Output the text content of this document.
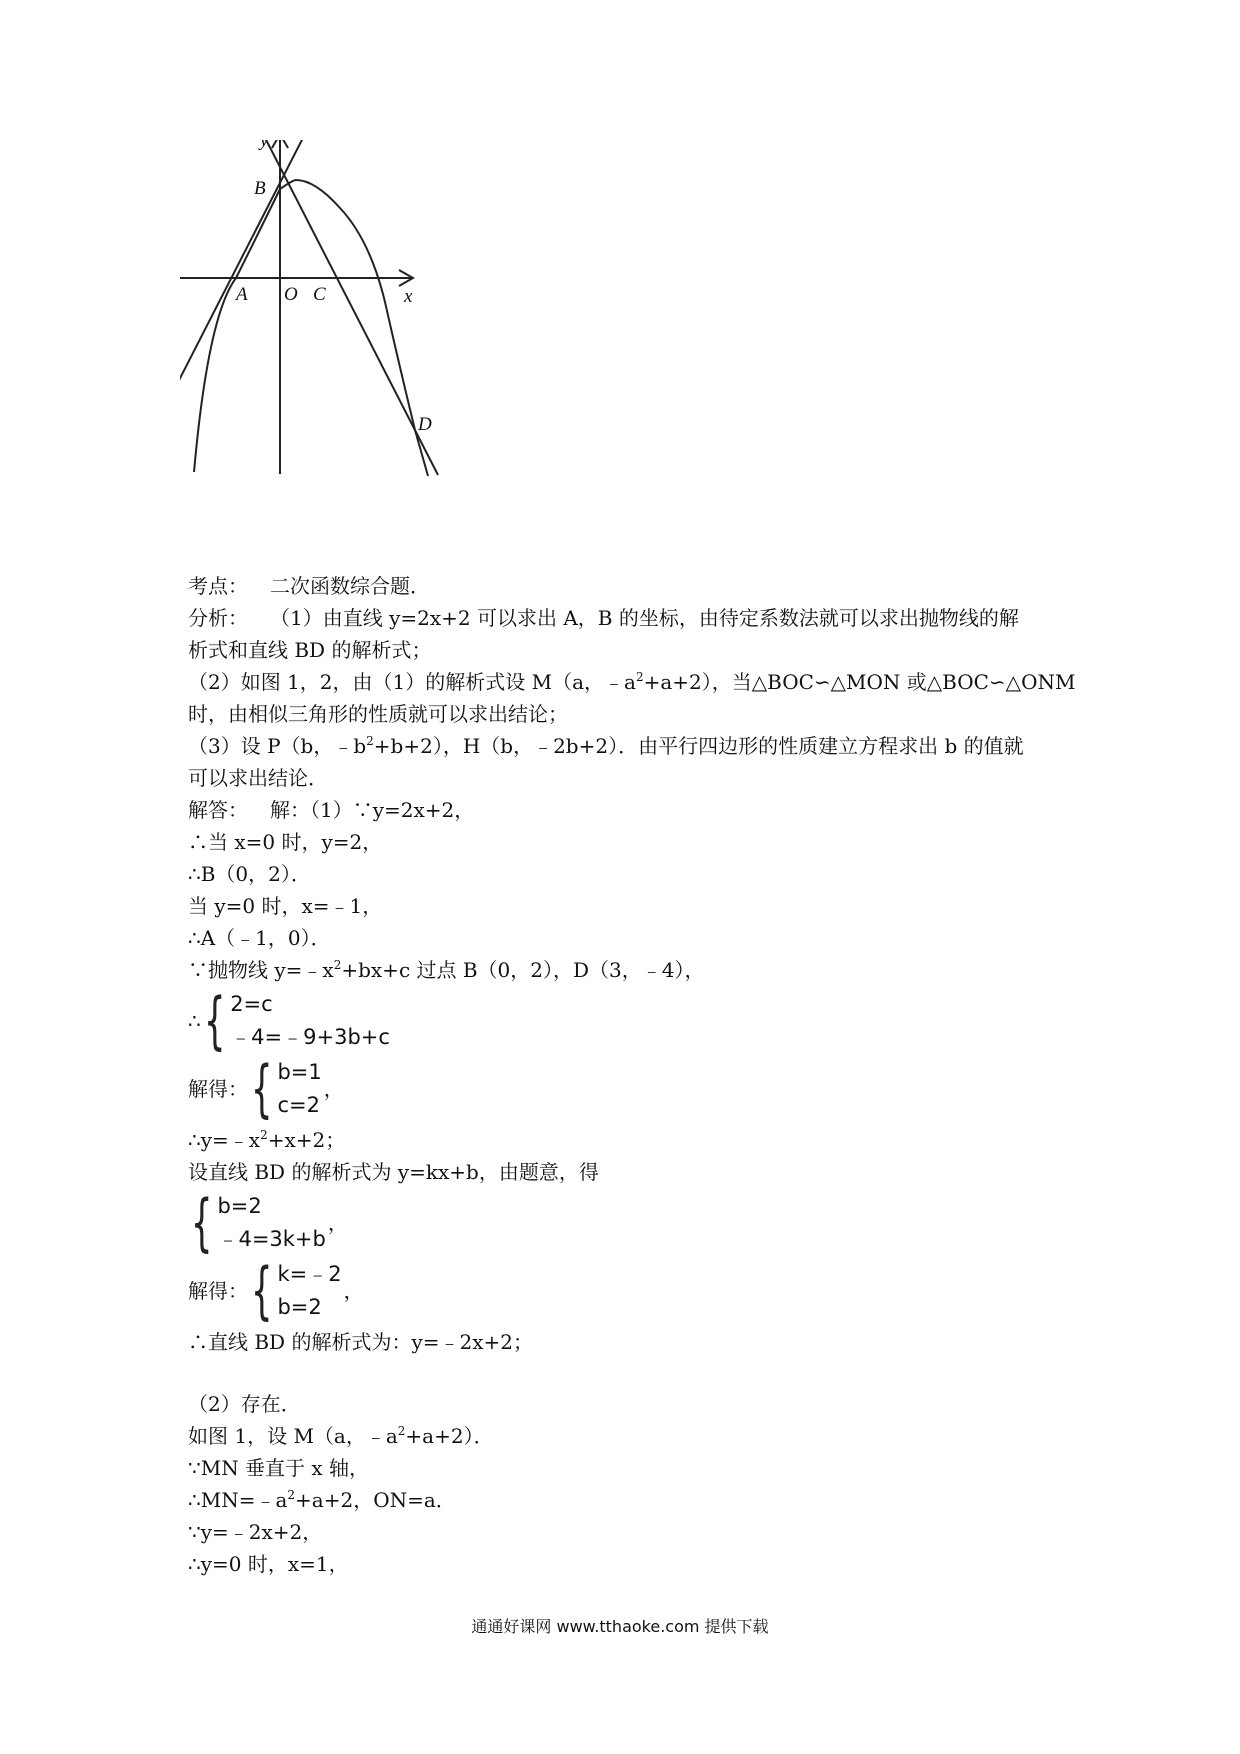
y
x
B
A O C
D
考点： 二次函数综合题．
分析： （1）由直线 y=2x+2 可以求出 A，B 的坐标，由待定系数法就可以求出抛物线的解
析式和直线 BD 的解析式；
（2）如图 1，2，由（1）的解析式设 M（a，$﹣a^2+a+2$），当△BOC∽△MON 或△BOC∽△ONM
时，由相似三角形的性质就可以求出结论；
（3）设 P（b，$﹣b^2+b+2$），H（b，﹣2b+2）．由平行四边形的性质建立方程求出 b 的值就
可以求出结论．
解答： 解：（1）∵y=2x+2，
∴当 x=0 时，y=2，
∴B（0，2）．
当 y=0 时，x=﹣1，
∴A（﹣1，0）．
∵抛物线 $y=﹣x^2+bx+c$ 过点 B（0，2），D（3，﹣4），
∴ { 2=c
﹣4=﹣9+3b+c
解得： { b=1
c=2
，
$\therefore y=﹣x^2+x+2$；
设直线 BD 的解析式为 y=kx+b，由题意，得
{ b=2
﹣4=3k+b
，
解得： { k=﹣2
b=2
，
∴直线 BD 的解析式为：y=﹣2x+2；
（2）存在．
如图 1，设 M（a，$﹣a^2+a+2$）．
∵MN 垂直于 x 轴，
$\therefore MN=﹣a^2+a+2$，ON=a．
∵y=﹣2x+2，
∴y=0 时，x=1，
通通好课网 www.tthaoke.com 提供下载
